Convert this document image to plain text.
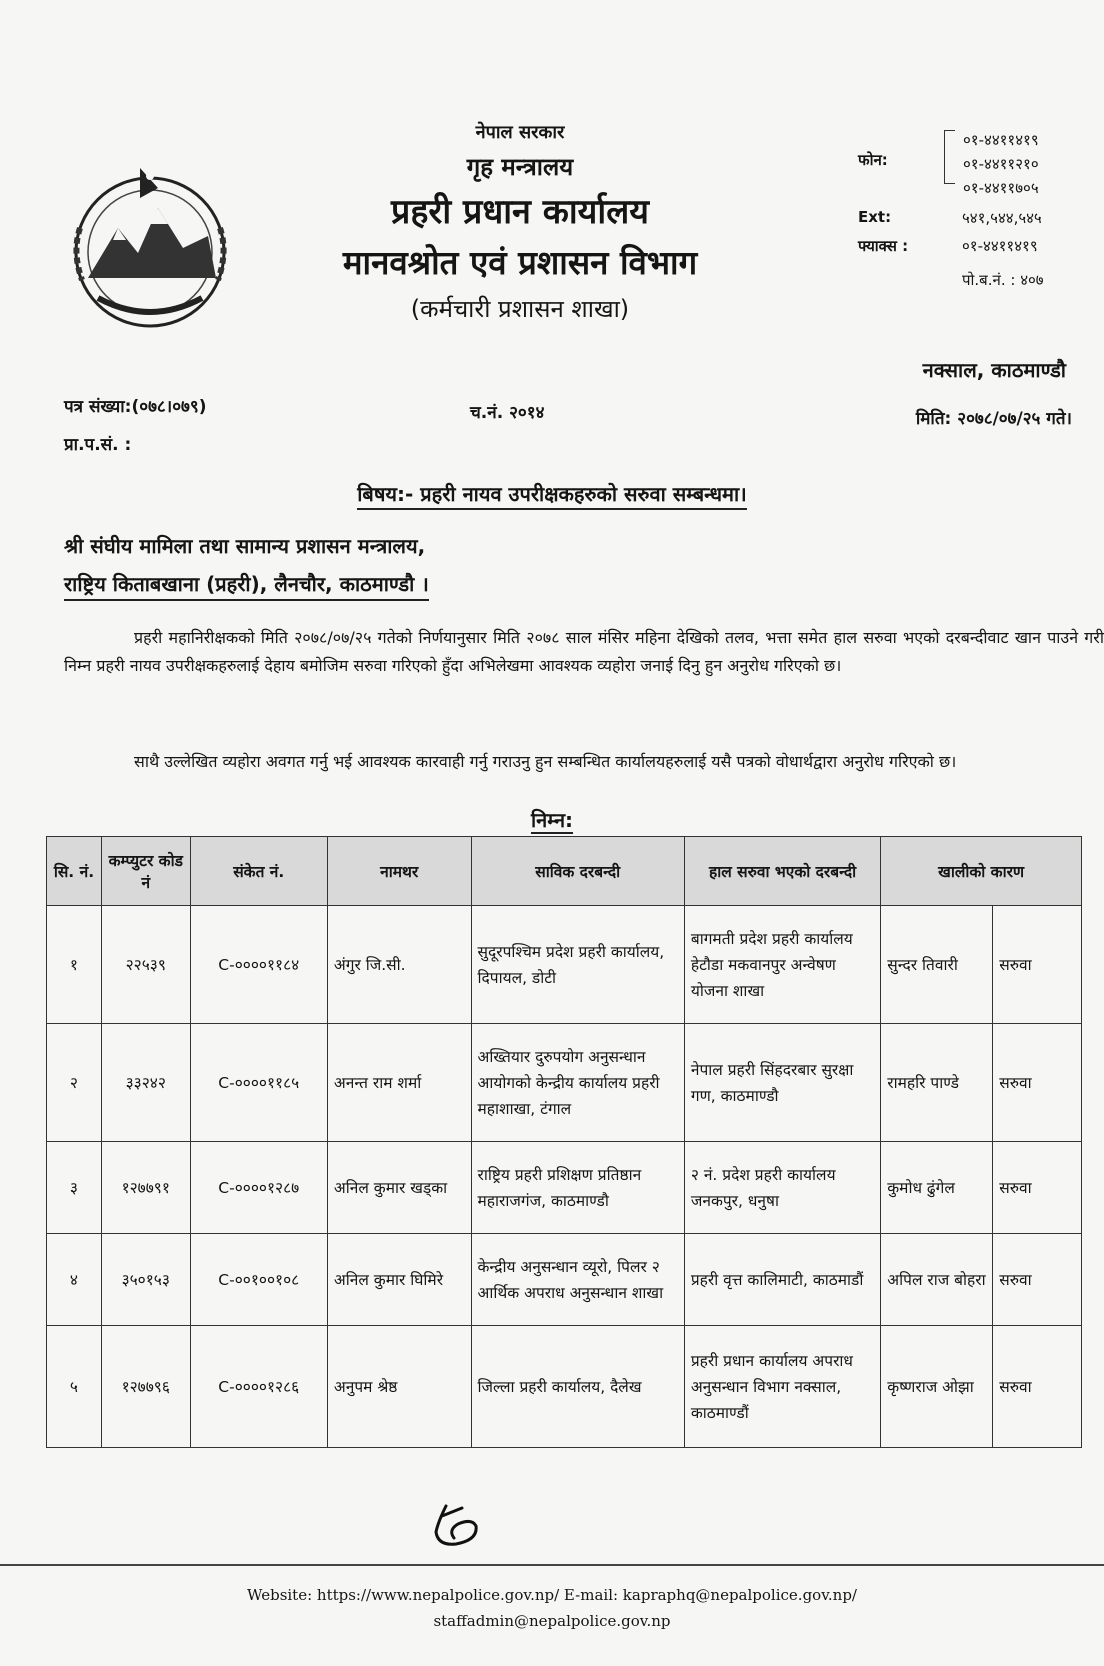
नेपाल सरकार
गृह मन्त्रालय
प्रहरी प्रधान कार्यालय
मानवश्रोत एवं प्रशासन विभाग
(कर्मचारी प्रशासन शाखा)
फोन:
०१-४४११४१९
०१-४४११२१०
०१-४४११७०५
Ext:	५४१,५४४,५४५
फ्याक्स :	०१-४४११४१९
पो.ब.नं. : ४०७
नक्साल, काठमाण्डौ
पत्र संख्या:(०७८।०७९)	च.नं. २०१४	मिति: २०७८/०७/२५ गते।
प्रा.प.सं. :
बिषय:- प्रहरी नायव उपरीक्षकहरुको सरुवा सम्बन्धमा।
श्री संघीय मामिला तथा सामान्य प्रशासन मन्त्रालय,
राष्ट्रिय किताबखाना (प्रहरी), लैनचौर, काठमाण्डौ ।
प्रहरी महानिरीक्षकको मिति २०७८/०७/२५ गतेको निर्णयानुसार मिति २०७८ साल मंसिर महिना देखिको तलव, भत्ता समेत हाल सरुवा भएको दरबन्दीवाट खान पाउने गरी निम्न प्रहरी नायव उपरीक्षकहरुलाई देहाय बमोजिम सरुवा गरिएको हुँदा अभिलेखमा आवश्यक व्यहोरा जनाई दिनु हुन अनुरोध गरिएको छ।
साथै उल्लेखित व्यहोरा अवगत गर्नु भई आवश्यक कारवाही गर्नु गराउनु हुन सम्बन्धित कार्यालयहरुलाई यसै पत्रको वोधार्थद्वारा अनुरोध गरिएको छ।
निम्न:
सि. नं.	कम्प्युटर कोड नं	संकेत नं.	नामथर	साविक दरबन्दी	हाल सरुवा भएको दरबन्दी	खालीको कारण	
१	२२५३९	C-००००११८४	अंगुर जि.सी.	सुदूरपश्चिम प्रदेश प्रहरी कार्यालय, दिपायल, डोटी	बागमती प्रदेश प्रहरी कार्यालय हेटौडा मकवानपुर अन्वेषण योजना शाखा	सुन्दर तिवारी	सरुवा
२	३३२४२	C-००००११८५	अनन्त राम शर्मा	अख्तियार दुरुपयोग अनुसन्धान आयोगको केन्द्रीय कार्यालय प्रहरी महाशाखा, टंगाल	नेपाल प्रहरी सिंहदरबार सुरक्षा गण, काठमाण्डौ	रामहरि पाण्डे	सरुवा
३	१२७७९१	C-००००१२८७	अनिल कुमार खड्का	राष्ट्रिय प्रहरी प्रशिक्षण प्रतिष्ठान महाराजगंज, काठमाण्डौ	२ नं. प्रदेश प्रहरी कार्यालय जनकपुर, धनुषा	कुमोध ढुंगेल	सरुवा
४	३५०१५३	C-००१००१०८	अनिल कुमार घिमिरे	केन्द्रीय अनुसन्धान व्यूरो, पिलर २ आर्थिक अपराध अनुसन्धान शाखा	प्रहरी वृत्त कालिमाटी, काठमाडौं	अपिल राज बोहरा	सरुवा
५	१२७७९६	C-००००१२८६	अनुपम श्रेष्ठ	जिल्ला प्रहरी कार्यालय, दैलेख	प्रहरी प्रधान कार्यालय अपराध अनुसन्धान विभाग नक्साल, काठमाण्डौं	कृष्णराज ओझा	सरुवा
Website: https://www.nepalpolice.gov.np/ E-mail: kapraphq@nepalpolice.gov.np/
staffadmin@nepalpolice.gov.np
